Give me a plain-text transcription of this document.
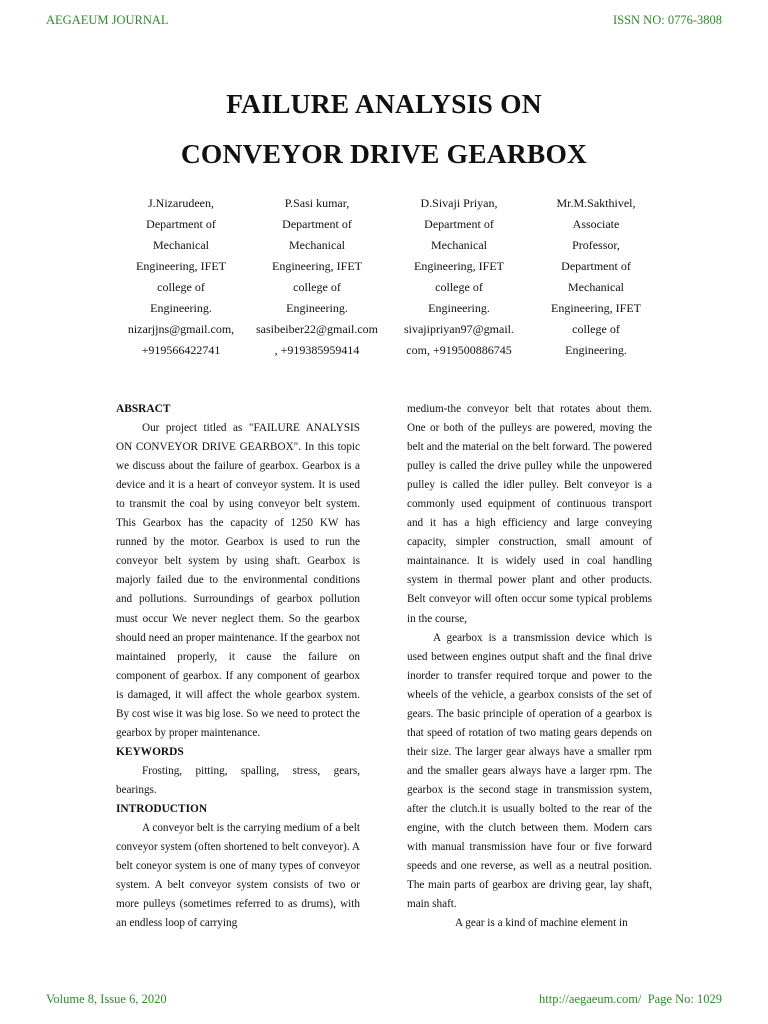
AEGAEUM JOURNAL	ISSN NO: 0776-3808
FAILURE ANALYSIS ON
CONVEYOR DRIVE GEARBOX
J.Nizarudeen,
Department of
Mechanical
Engineering, IFET
college of
Engineering.
nizarjjns@gmail.com,
+919566422741
P.Sasi kumar,
Department of
Mechanical
Engineering, IFET
college of
Engineering.
sasibeiber22@gmail.com
, +919385959414
D.Sivaji Priyan,
Department of
Mechanical
Engineering, IFET
college of
Engineering.
sivajipriyan97@gmail.
com, +919500886745
Mr.M.Sakthivel,
Associate
Professor,
Department of
Mechanical
Engineering, IFET
college of
Engineering.
ABSRACT

Our project titled as "FAILURE ANALYSIS ON CONVEYOR DRIVE GEARBOX". In this topic we discuss about the failure of gearbox. Gearbox is a device and it is a heart of conveyor system. It is used to transmit the coal by using conveyor belt system. This Gearbox has the capacity of 1250 KW has runned by the motor. Gearbox is used to run the conveyor belt system by using shaft. Gearbox is majorly failed due to the environmental conditions and pollutions. Surroundings of gearbox pollution must occur We never neglect them. So the gearbox should need an proper maintenance. If the gearbox not maintained properly, it cause the failure on component of gearbox. If any component of gearbox is damaged, it will affect the whole gearbox system. By cost wise it was big lose. So we need to protect the gearbox by proper maintenance.

KEYWORDS

Frosting, pitting, spalling, stress, gears, bearings.

INTRODUCTION

A conveyor belt is the carrying medium of a belt conveyor system (often shortened to belt conveyor). A belt coneyor system is one of many types of conveyor system. A belt conveyor system consists of two or more pulleys (sometimes referred to as drums), with an endless loop of carrying

medium-the conveyor belt that rotates about them. One or both of the pulleys are powered, moving the belt and the material on the belt forward. The powered pulley is called the drive pulley while the unpowered pulley is called the idler pulley. Belt conveyor is a commonly used equipment of continuous transport and it has a high efficiency and large conveying capacity, simpler construction, small amount of maintainance. It is widely used in coal handling system in thermal power plant and other products. Belt conveyor will often occur some typical problems in the course,

A gearbox is a transmission device which is used between engines output shaft and the final drive inorder to transfer required torque and power to the wheels of the vehicle, a gearbox consists of the set of gears. The basic principle of operation of a gearbox is that speed of rotation of two mating gears depends on their size. The larger gear always have a smaller rpm and the smaller gears always have a larger rpm. The gearbox is the second stage in transmission system, after the clutch.it is usually bolted to the rear of the engine, with the clutch between them. Modern cars with manual transmission have four or five forward speeds and one reverse, as well as a neutral position. The main parts of gearbox are driving gear, lay shaft, main shaft.

A gear is a kind of machine element in

Volume 8, Issue 6, 2020	http://aegaeum.com/ Page No: 1029
